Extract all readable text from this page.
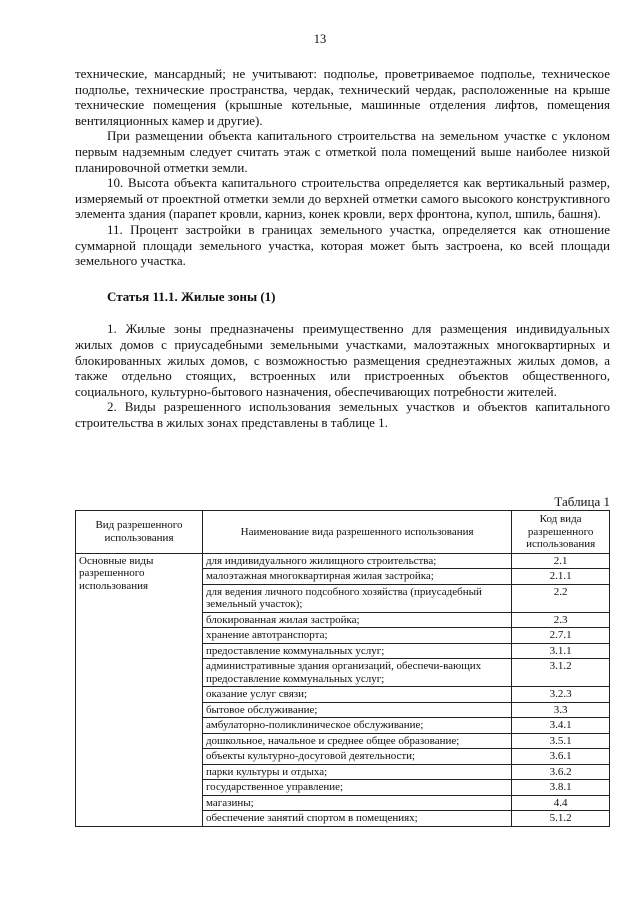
13

технические, мансардный; не учитывают: подполье, проветриваемое подполье, техническое подполье, технические пространства, чердак, технический чердак, расположенные на крыше технические помещения (крышные котельные, машинные отделения лифтов, помещения вентиляционных камер и другие).

При размещении объекта капитального строительства на земельном участке с уклоном первым надземным следует считать этаж с отметкой пола помещений выше наиболее низкой планировочной отметки земли.

10. Высота объекта капитального строительства определяется как вертикальный размер, измеряемый от проектной отметки земли до верхней отметки самого высокого конструктивного элемента здания (парапет кровли, карниз, конек кровли, верх фронтона, купол, шпиль, башня).

11. Процент застройки в границах земельного участка, определяется как отношение суммарной площади земельного участка, которая может быть застроена, ко всей площади земельного участка.

Статья 11.1. Жилые зоны (1)

1. Жилые зоны предназначены преимущественно для размещения индивидуальных жилых домов с приусадебными земельными участками, малоэтажных многоквартирных и блокированных жилых домов, с возможностью размещения среднеэтажных жилых домов, а также отдельно стоящих, встроенных или пристроенных объектов общественного, социального, культурно-бытового назначения, обеспечивающих потребности жителей.

2. Виды разрешенного использования земельных участков и объектов капитального строительства в жилых зонах представлены в таблице 1.

Таблица 1
Вид разрешенного использования	Наименование вида разрешенного использования	Код вида разрешенного использования
Основные виды разрешенного использования	для индивидуального жилищного строительства;	2.1
	малоэтажная многоквартирная жилая застройка;	2.1.1
	для ведения личного подсобного хозяйства (приусадебный земельный участок);	2.2
	блокированная жилая застройка;	2.3
	хранение автотранспорта;	2.7.1
	предоставление коммунальных услуг;	3.1.1
	административные здания организаций, обеспечи-вающих предоставление коммунальных услуг;	3.1.2
	оказание услуг связи;	3.2.3
	бытовое обслуживание;	3.3
	амбулаторно-поликлиническое обслуживание;	3.4.1
	дошкольное, начальное и среднее общее образование;	3.5.1
	объекты культурно-досуговой деятельности;	3.6.1
	парки культуры и отдыха;	3.6.2
	государственное управление;	3.8.1
	магазины;	4.4
	обеспечение занятий спортом в помещениях;	5.1.2
